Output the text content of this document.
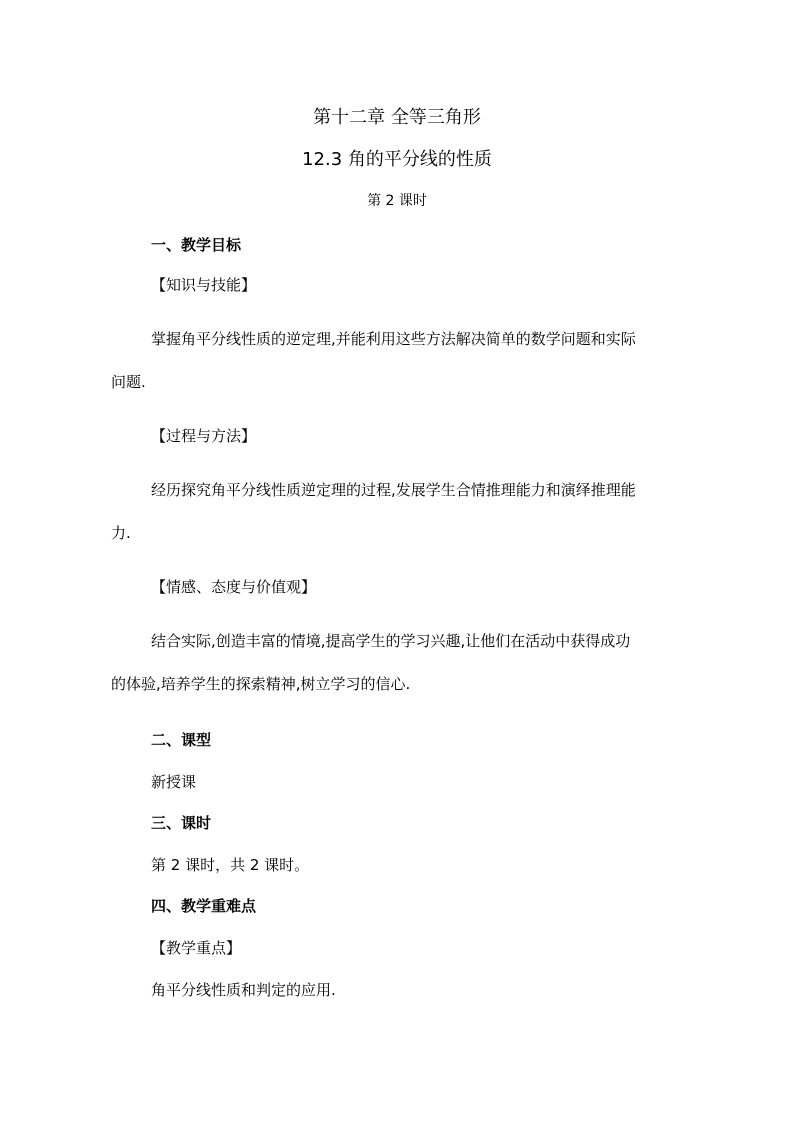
第十二章 全等三角形
12.3 角的平分线的性质
第 2 课时
一、教学目标
【知识与技能】
掌握角平分线性质的逆定理,并能利用这些方法解决简单的数学问题和实际
问题.
【过程与方法】
经历探究角平分线性质逆定理的过程,发展学生合情推理能力和演绎推理能
力.
【情感、态度与价值观】
结合实际,创造丰富的情境,提高学生的学习兴趣,让他们在活动中获得成功
的体验,培养学生的探索精神,树立学习的信心.
二、课型
新授课
三、课时
第 2 课时，共 2 课时。
四、教学重难点
【教学重点】
角平分线性质和判定的应用.
